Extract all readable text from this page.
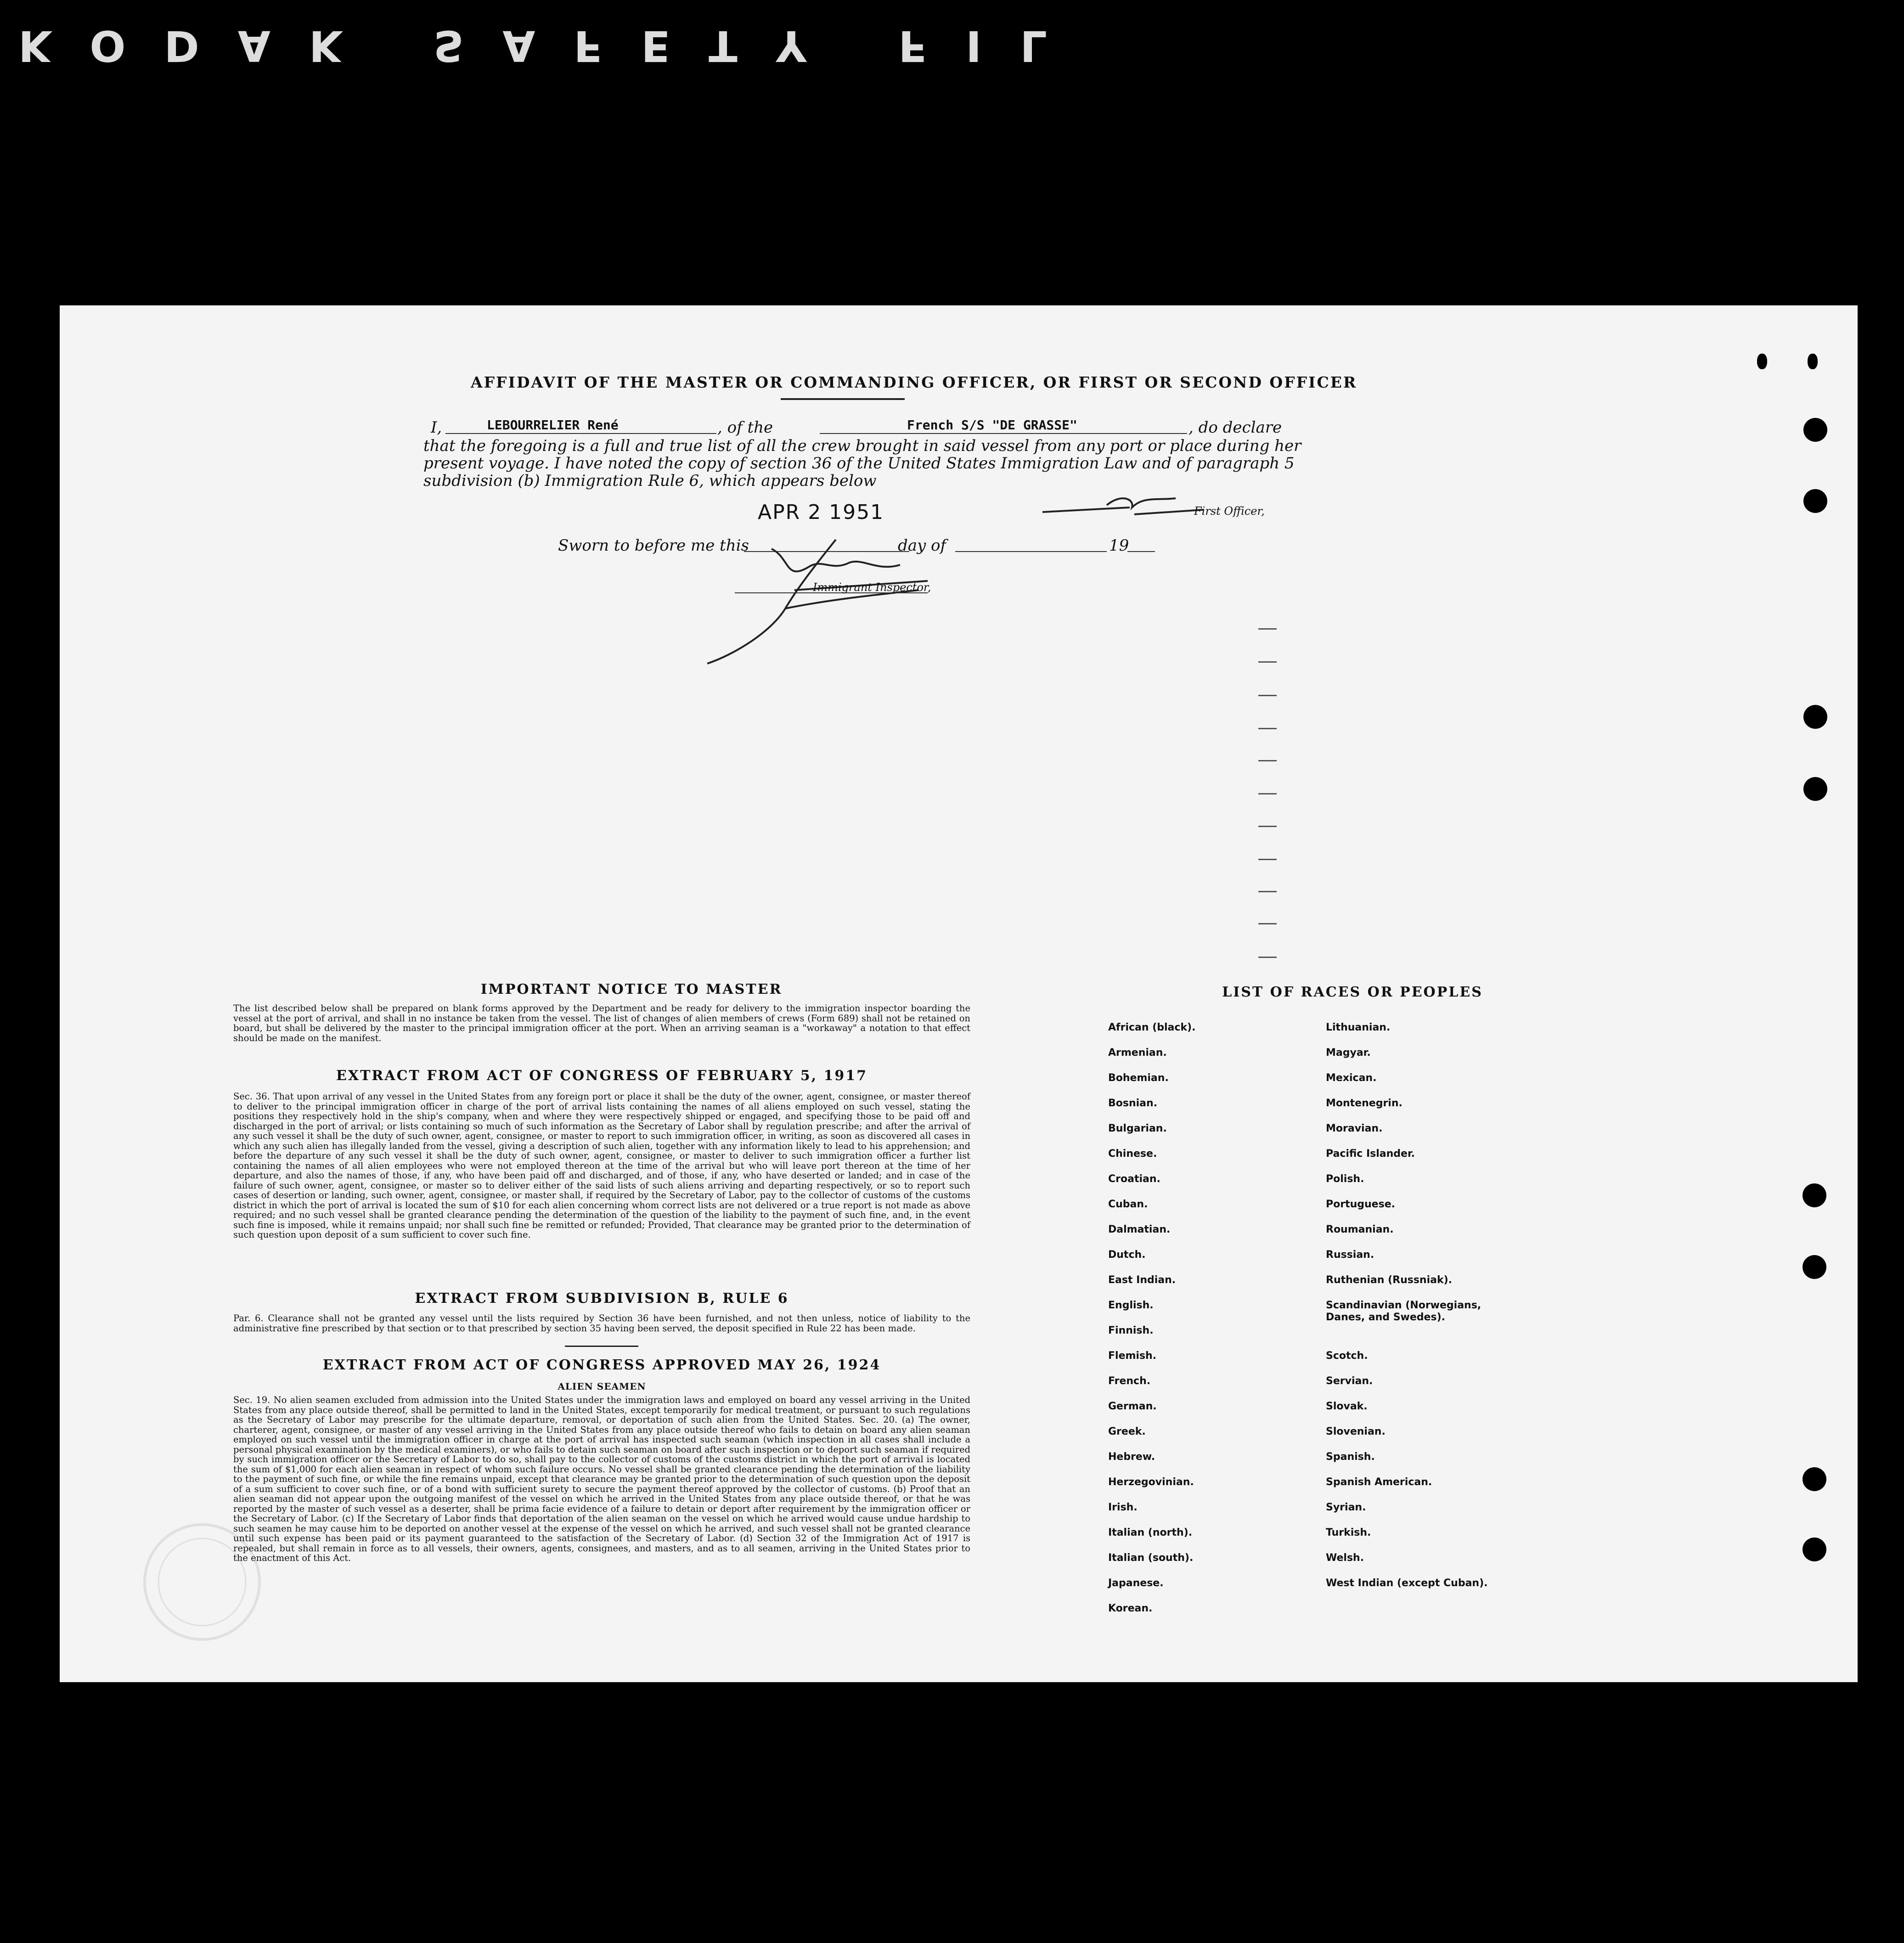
K O D A K
S A F E T Y
F I L
AFFIDAVIT OF THE MASTER OR COMMANDING OFFICER, OR FIRST OR SECOND OFFICER
I,	LEBOURRELIER René	, of the	French S/S "DE GRASSE"	, do declare
that the foregoing is a full and true list of all the crew brought in said vessel from any port or place during her
present voyage. I have noted the copy of section 36 of the United States Immigration Law and of paragraph 5
subdivision (b) Immigration Rule 6, which appears below
First Officer,
APR 2 1951
Sworn to before me this	day of	19
Immigrant Inspector,
IMPORTANT NOTICE TO MASTER
The list described below shall be prepared on blank forms approved by the Department and be ready for delivery to the immigration inspector boarding the vessel at the port of arrival, and shall in no instance be taken from the vessel. The list of changes of alien members of crews (Form 689) shall not be retained on board, but shall be delivered by the master to the principal immigration officer at the port. When an arriving seaman is a "workaway" a notation to that effect should be made on the manifest.
EXTRACT FROM ACT OF CONGRESS OF FEBRUARY 5, 1917
Sec. 36. That upon arrival of any vessel in the United States from any foreign port or place it shall be the duty of the owner, agent, consignee, or master thereof to deliver to the principal immigration officer in charge of the port of arrival lists containing the names of all aliens employed on such vessel, stating the positions they respectively hold in the ship's company, when and where they were respectively shipped or engaged, and specifying those to be paid off and discharged in the port of arrival; or lists containing so much of such information as the Secretary of Labor shall by regulation prescribe; and after the arrival of any such vessel it shall be the duty of such owner, agent, consignee, or master to report to such immigration officer, in writing, as soon as discovered all cases in which any such alien has illegally landed from the vessel, giving a description of such alien, together with any information likely to lead to his apprehension; and before the departure of any such vessel it shall be the duty of such owner, agent, consignee, or master to deliver to such immigration officer a further list containing the names of all alien employees who were not employed thereon at the time of the arrival but who will leave port thereon at the time of her departure, and also the names of those, if any, who have been paid off and discharged, and of those, if any, who have deserted or landed; and in case of the failure of such owner, agent, consignee, or master so to deliver either of the said lists of such aliens arriving and departing respectively, or so to report such cases of desertion or landing, such owner, agent, consignee, or master shall, if required by the Secretary of Labor, pay to the collector of customs of the customs district in which the port of arrival is located the sum of $10 for each alien concerning whom correct lists are not delivered or a true report is not made as above required; and no such vessel shall be granted clearance pending the determination of the question of the liability to the payment of such fine, and, in the event such fine is imposed, while it remains unpaid; nor shall such fine be remitted or refunded; Provided, That clearance may be granted prior to the determination of such question upon deposit of a sum sufficient to cover such fine.
EXTRACT FROM SUBDIVISION B, RULE 6
Par. 6. Clearance shall not be granted any vessel until the lists required by Section 36 have been furnished, and not then unless, notice of liability to the administrative fine prescribed by that section or to that prescribed by section 35 having been served, the deposit specified in Rule 22 has been made.
EXTRACT FROM ACT OF CONGRESS APPROVED MAY 26, 1924
ALIEN SEAMEN
Sec. 19. No alien seamen excluded from admission into the United States under the immigration laws and employed on board any vessel arriving in the United States from any place outside thereof, shall be permitted to land in the United States, except temporarily for medical treatment, or pursuant to such regulations as the Secretary of Labor may prescribe for the ultimate departure, removal, or deportation of such alien from the United States. Sec. 20. (a) The owner, charterer, agent, consignee, or master of any vessel arriving in the United States from any place outside thereof who fails to detain on board any alien seaman employed on such vessel until the immigration officer in charge at the port of arrival has inspected such seaman (which inspection in all cases shall include a personal physical examination by the medical examiners), or who fails to detain such seaman on board after such inspection or to deport such seaman if required by such immigration officer or the Secretary of Labor to do so, shall pay to the collector of customs of the customs district in which the port of arrival is located the sum of $1,000 for each alien seaman in respect of whom such failure occurs. No vessel shall be granted clearance pending the determination of the liability to the payment of such fine, or while the fine remains unpaid, except that clearance may be granted prior to the determination of such question upon the deposit of a sum sufficient to cover such fine, or of a bond with sufficient surety to secure the payment thereof approved by the collector of customs. (b) Proof that an alien seaman did not appear upon the outgoing manifest of the vessel on which he arrived in the United States from any place outside thereof, or that he was reported by the master of such vessel as a deserter, shall be prima facie evidence of a failure to detain or deport after requirement by the immigration officer or the Secretary of Labor. (c) If the Secretary of Labor finds that deportation of the alien seaman on the vessel on which he arrived would cause undue hardship to such seamen he may cause him to be deported on another vessel at the expense of the vessel on which he arrived, and such vessel shall not be granted clearance until such expense has been paid or its payment guaranteed to the satisfaction of the Secretary of Labor. (d) Section 32 of the Immigration Act of 1917 is repealed, but shall remain in force as to all vessels, their owners, agents, consignees, and masters, and as to all seamen, arriving in the United States prior to the enactment of this Act.
LIST OF RACES OR PEOPLES
African (black).
Armenian.
Bohemian.
Bosnian.
Bulgarian.
Chinese.
Croatian.
Cuban.
Dalmatian.
Dutch.
East Indian.
English.
Finnish.
Flemish.
French.
German.
Greek.
Hebrew.
Herzegovinian.
Irish.
Italian (north).
Italian (south).
Japanese.
Korean.
Lithuanian.
Magyar.
Mexican.
Montenegrin.
Moravian.
Pacific Islander.
Polish.
Portuguese.
Roumanian.
Russian.
Ruthenian (Russniak).
Scandinavian (Norwegians, Danes, and Swedes).
Scotch.
Servian.
Slovak.
Slovenian.
Spanish.
Spanish American.
Syrian.
Turkish.
Welsh.
West Indian (except Cuban).
